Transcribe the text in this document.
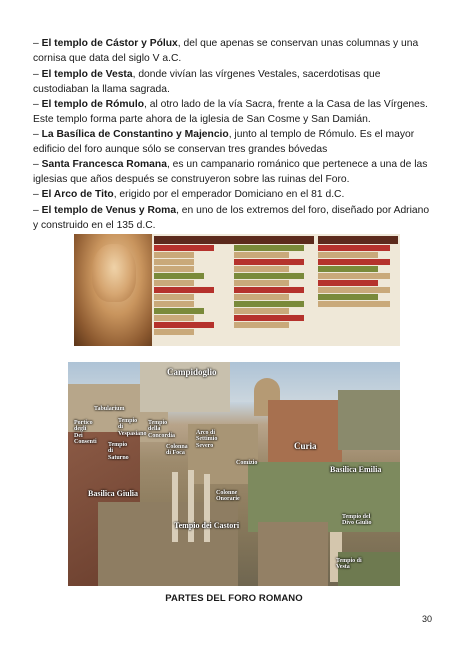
– El templo de Cástor y Pólux, del que apenas se conservan unas columnas y una cornisa que data del siglo V a.C.

– El templo de Vesta, donde vivían las vírgenes Vestales, sacerdotisas que custodiaban la llama sagrada.

– El templo de Rómulo, al otro lado de la vía Sacra, frente a la Casa de las Vírgenes. Este templo forma parte ahora de la iglesia de San Cosme y San Damián.

– La Basílica de Constantino y Majencio, junto al templo de Rómulo. Es el mayor edificio del foro aunque sólo se conservan tres grandes bóvedas

– Santa Francesca Romana, es un campanario románico que pertenece a una de las iglesias que años después se construyeron sobre las ruinas del Foro.

– El Arco de Tito, erigido por el emperador Domiciano en el 81 d.C.

– El templo de Venus y Roma, en uno de los extremos del foro, diseñado por Adriano y construido en el 135 d.C.

Campidoglio
Tabularium
Portico
degli
Dei
Consenti
Tempio
di
Vespasiano
Tempio
della
Concordia
Tempio
di
Saturno
Colonna
di Foca
Arco di
Settimio
Severo	Curia
Comizio
Basilica Emilia
Basilica Giulia	Colonne
Onorarie
Tempio dei Castori
Tempio del
Divo Giulio
Tempio di
Vesta
PARTES DEL FORO ROMANO
30
